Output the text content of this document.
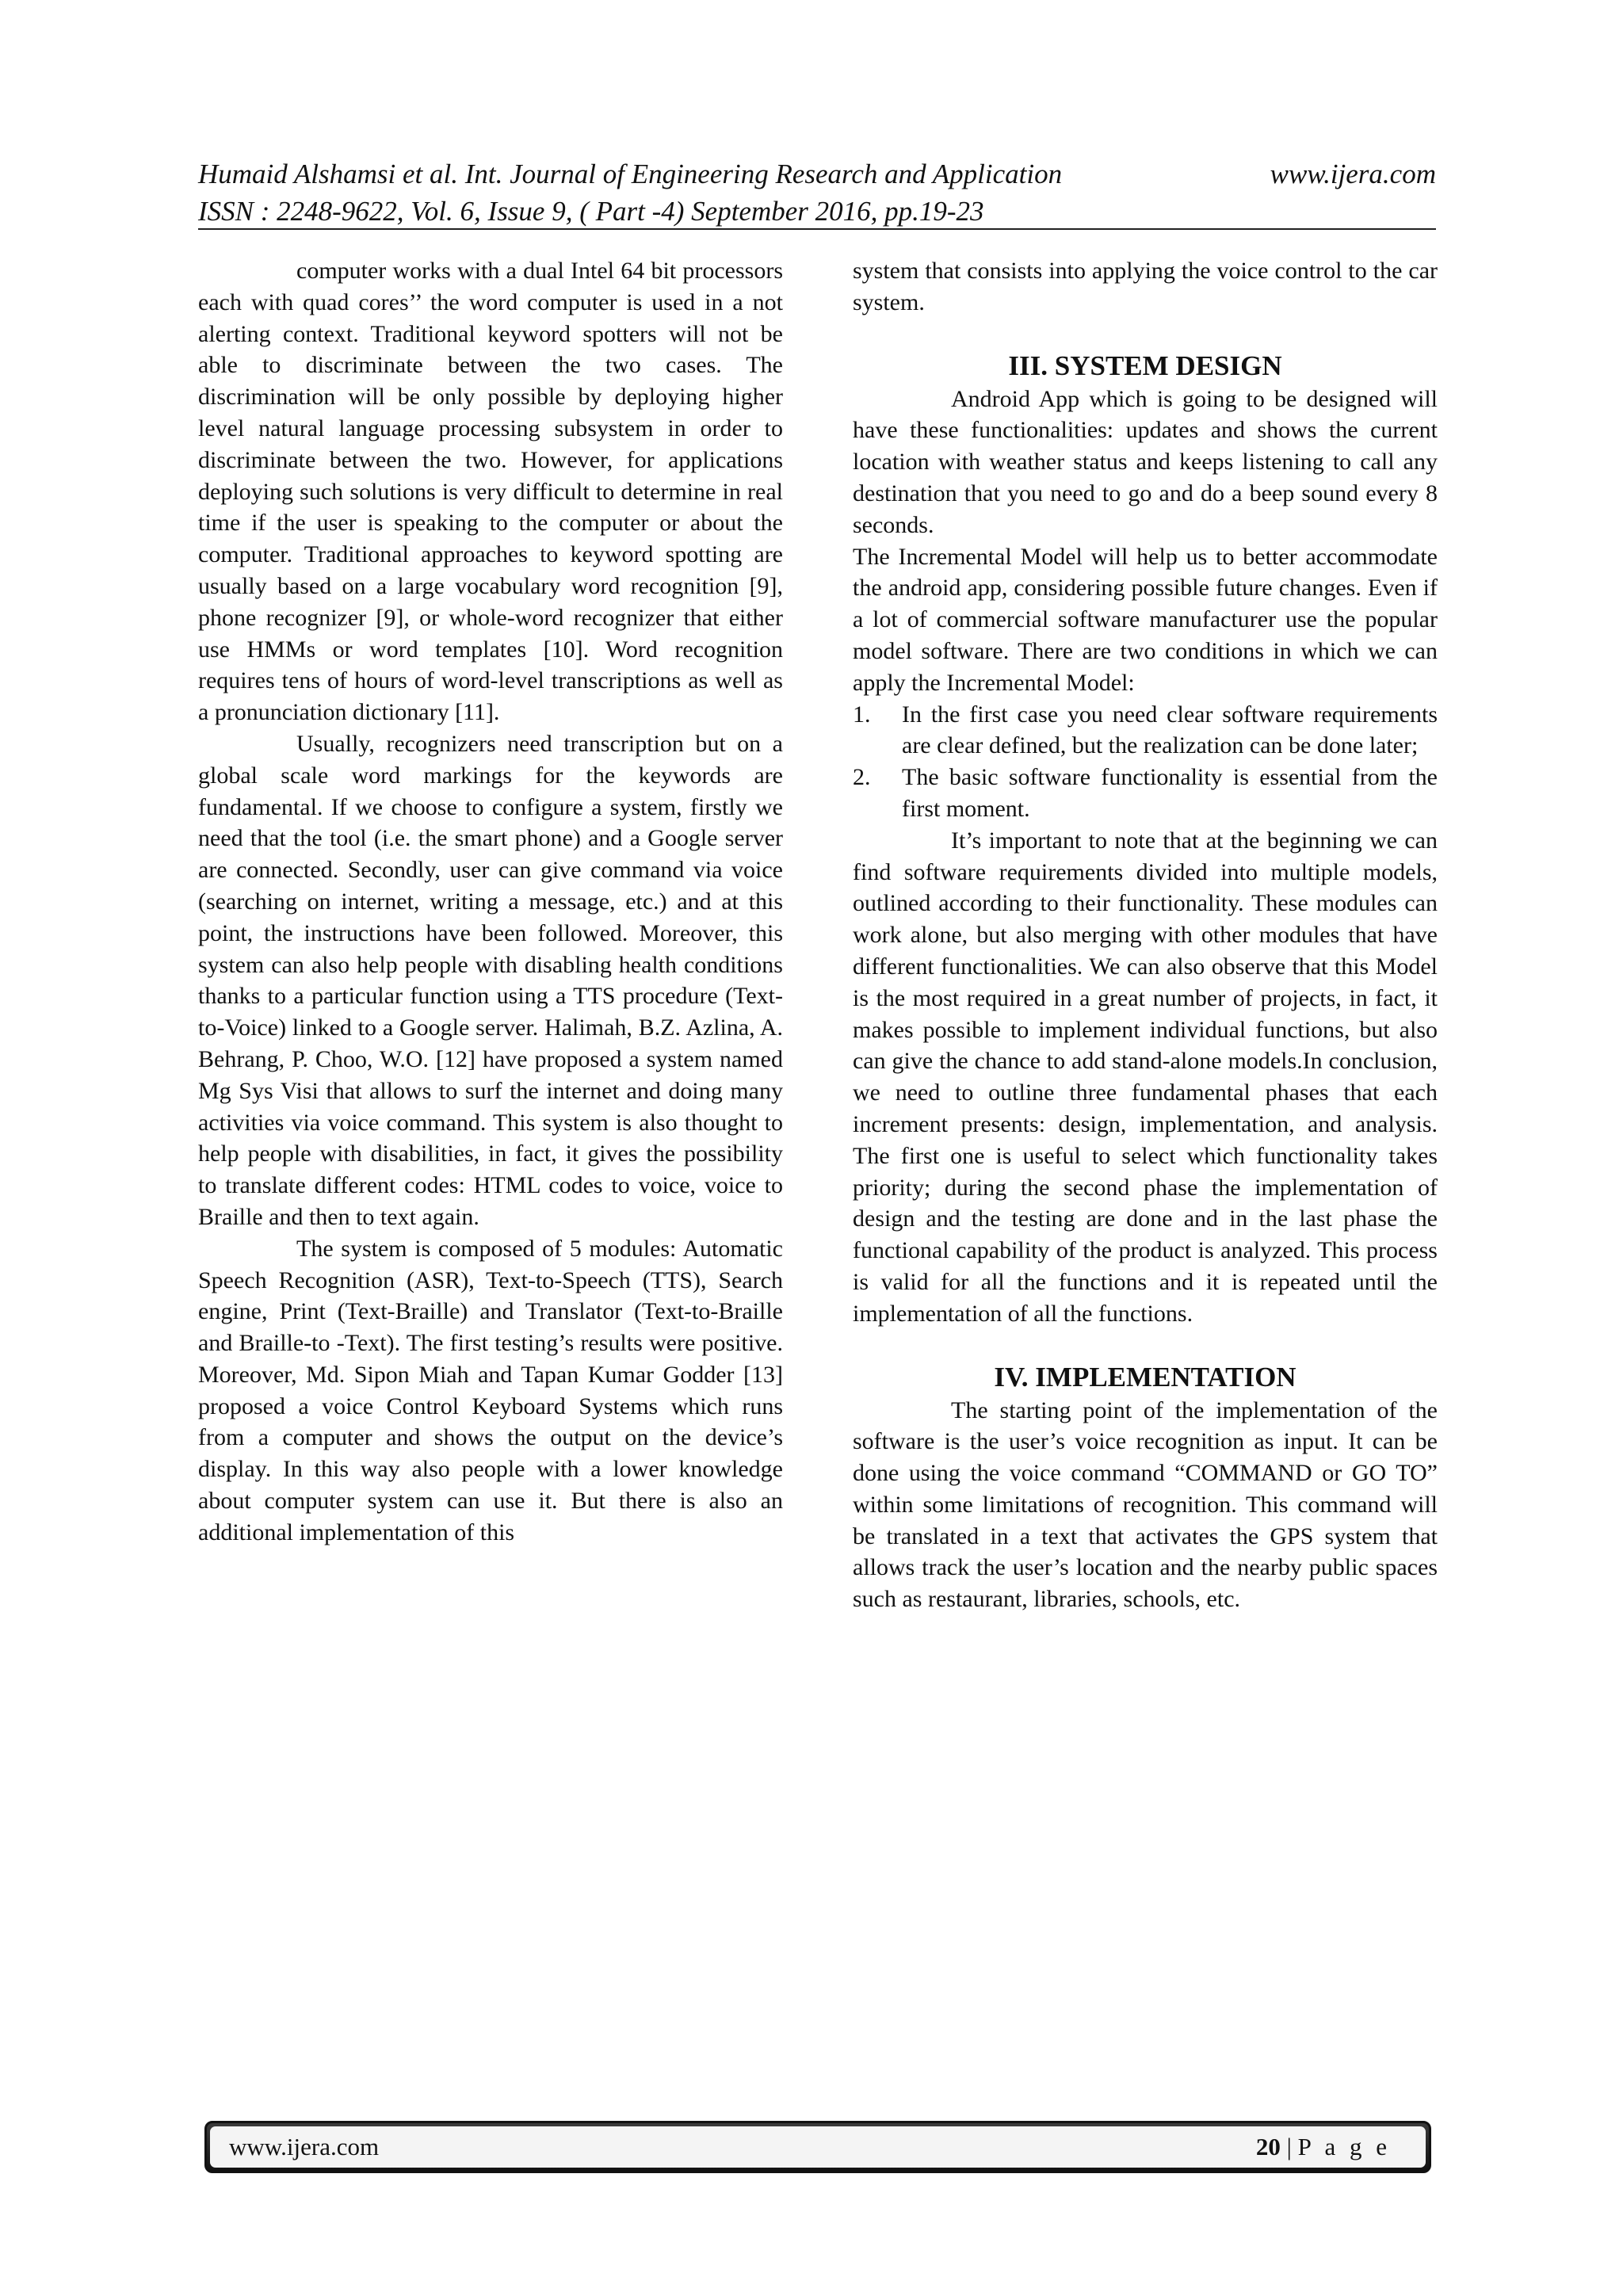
Humaid Alshamsi et al. Int. Journal of Engineering Research and Application	www.ijera.com
ISSN : 2248-9622, Vol. 6, Issue 9, ( Part -4) September 2016, pp.19-23

computer works with a dual Intel 64 bit processors each with quad cores’’ the word computer is used in a not alerting context. Traditional keyword spotters will not be able to discriminate between the two cases. The discrimination will be only possible by deploying higher level natural language processing subsystem in order to discriminate between the two. However, for applications deploying such solutions is very difficult to determine in real time if the user is speaking to the computer or about the computer. Traditional approaches to keyword spotting are usually based on a large vocabulary word recognition [9], phone recognizer [9], or whole-word recognizer that either use HMMs or word templates [10]. Word recognition requires tens of hours of word-level transcriptions as well as a pronunciation dictionary [11].

Usually, recognizers need transcription but on a global scale word markings for the keywords are fundamental. If we choose to configure a system, firstly we need that the tool (i.e. the smart phone) and a Google server are connected. Secondly, user can give command via voice (searching on internet, writing a message, etc.) and at this point, the instructions have been followed. Moreover, this system can also help people with disabling health conditions thanks to a particular function using a TTS procedure (Text-to-Voice) linked to a Google server. Halimah, B.Z. Azlina, A. Behrang, P. Choo, W.O. [12] have proposed a system named Mg Sys Visi that allows to surf the internet and doing many activities via voice command. This system is also thought to help people with disabilities, in fact, it gives the possibility to translate different codes: HTML codes to voice, voice to Braille and then to text again.

The system is composed of 5 modules: Automatic Speech Recognition (ASR), Text-to-Speech (TTS), Search engine, Print (Text-Braille) and Translator (Text-to-Braille and Braille-to -Text). The first testing’s results were positive. Moreover, Md. Sipon Miah and Tapan Kumar Godder [13] proposed a voice Control Keyboard Systems which runs from a computer and shows the output on the device’s display. In this way also people with a lower knowledge about computer system can use it. But there is also an additional implementation of this

system that consists into applying the voice control to the car system.

III. SYSTEM DESIGN

Android App which is going to be designed will have these functionalities: updates and shows the current location with weather status and keeps listening to call any destination that you need to go and do a beep sound every 8 seconds.

The Incremental Model will help us to better accommodate the android app, considering possible future changes. Even if a lot of commercial software manufacturer use the popular model software. There are two conditions in which we can apply the Incremental Model:

1.	In the first case you need clear software requirements are clear defined, but the realization can be done later;
2.	The basic software functionality is essential from the first moment.

It’s important to note that at the beginning we can find software requirements divided into multiple models, outlined according to their functionality. These modules can work alone, but also merging with other modules that have different functionalities. We can also observe that this Model is the most required in a great number of projects, in fact, it makes possible to implement individual functions, but also can give the chance to add stand-alone models.In conclusion, we need to outline three fundamental phases that each increment presents: design, implementation, and analysis. The first one is useful to select which functionality takes priority; during the second phase the implementation of design and the testing are done and in the last phase the functional capability of the product is analyzed. This process is valid for all the functions and it is repeated until the implementation of all the functions.

IV. IMPLEMENTATION

The starting point of the implementation of the software is the user’s voice recognition as input. It can be done using the voice command “COMMAND or GO TO” within some limitations of recognition. This command will be translated in a text that activates the GPS system that allows track the user’s location and the nearby public spaces such as restaurant, libraries, schools, etc.

www.ijera.com	20 | P a g e
